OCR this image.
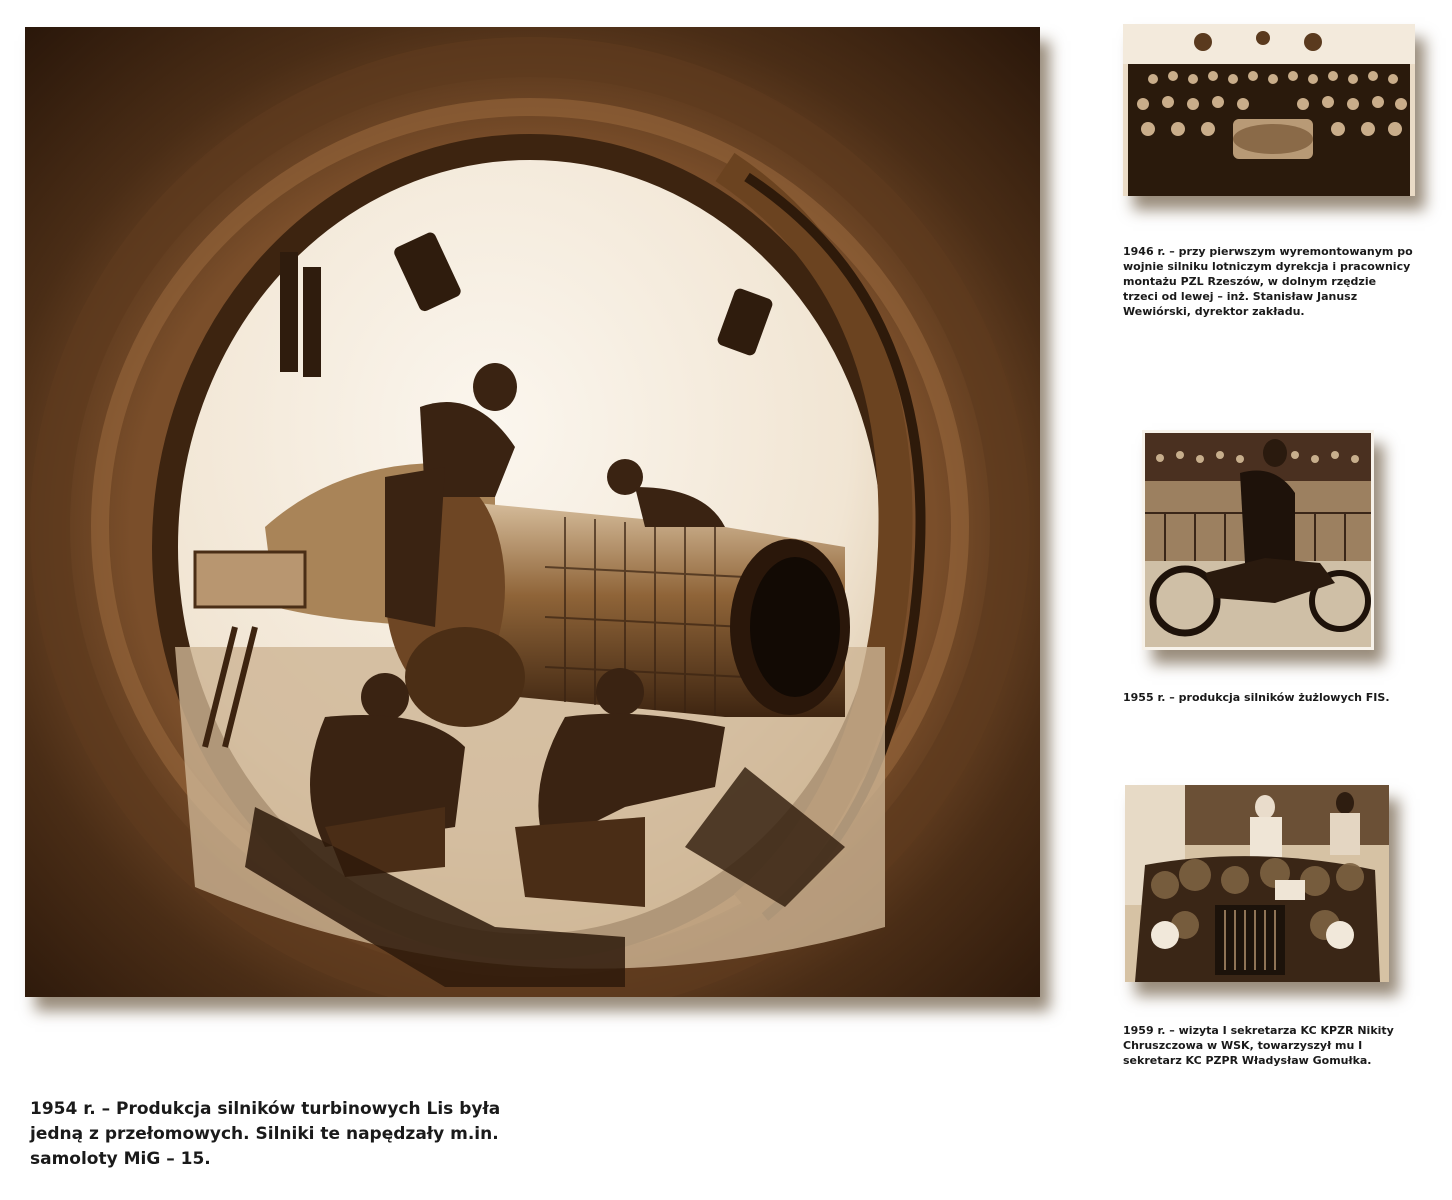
1946 r. – przy pierwszym wyremontowanym po wojnie silniku lotniczym dyrekcja i pracownicy montażu PZL Rzeszów, w dolnym rzędzie trzeci od lewej – inż. Stanisław Janusz Wewiórski, dyrektor zakładu.

1955 r. – produkcja silników żużlowych FIS.

1959 r. – wizyta I sekretarza KC KPZR Nikity Chruszczowa w WSK, towarzyszył mu I sekretarz KC PZPR Władysław Gomułka.

1954 r. – Produkcja silników turbinowych Lis była jedną z przełomowych. Silniki te napędzały m.in. samoloty MiG – 15.
